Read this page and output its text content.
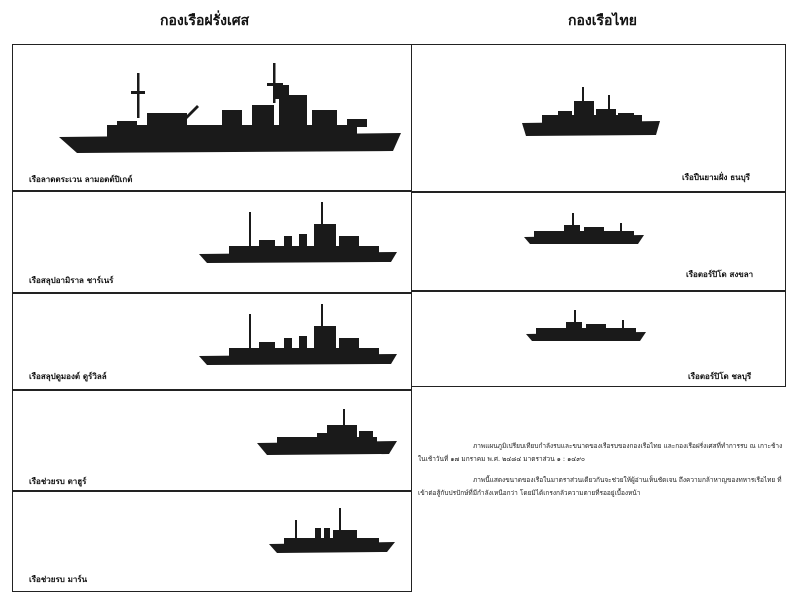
กองเรือฝรั่งเศส	กองเรือไทย
เรือลาดตระเวน ลามอตต์ปิเกต์
เรือสลุปอามิราล ชาร์เนร์
เรือสลุปดูมองต์ ดูร์วิลล์
เรือช่วยรบ ตาฮูร์
เรือช่วยรบ มาร์น
เรือปืนยามฝั่ง ธนบุรี
เรือตอร์ปิโด สงขลา
เรือตอร์ปิโด ชลบุรี

ภาพแผนภูมิเปรียบเทียบกำลังรบและขนาดของเรือรบของกองเรือไทย และกองเรือฝรั่งเศสที่ทำการรบ ณ เกาะช้าง ในเช้าวันที่ ๑๗ มกราคม พ.ศ. ๒๔๘๔ มาตราส่วน ๑ : ๑๔๙๐

ภาพนี้แสดงขนาดของเรือในมาตราส่วนเดียวกันจะช่วยให้ผู้อ่านเห็นชัดเจน ถึงความกล้าหาญของทหารเรือไทย ที่เข้าต่อสู้กับปรปักษ์ที่มีกำลังเหนือกว่า โดยมิได้เกรงกลัวความตายที่รออยู่เบื้องหน้า
